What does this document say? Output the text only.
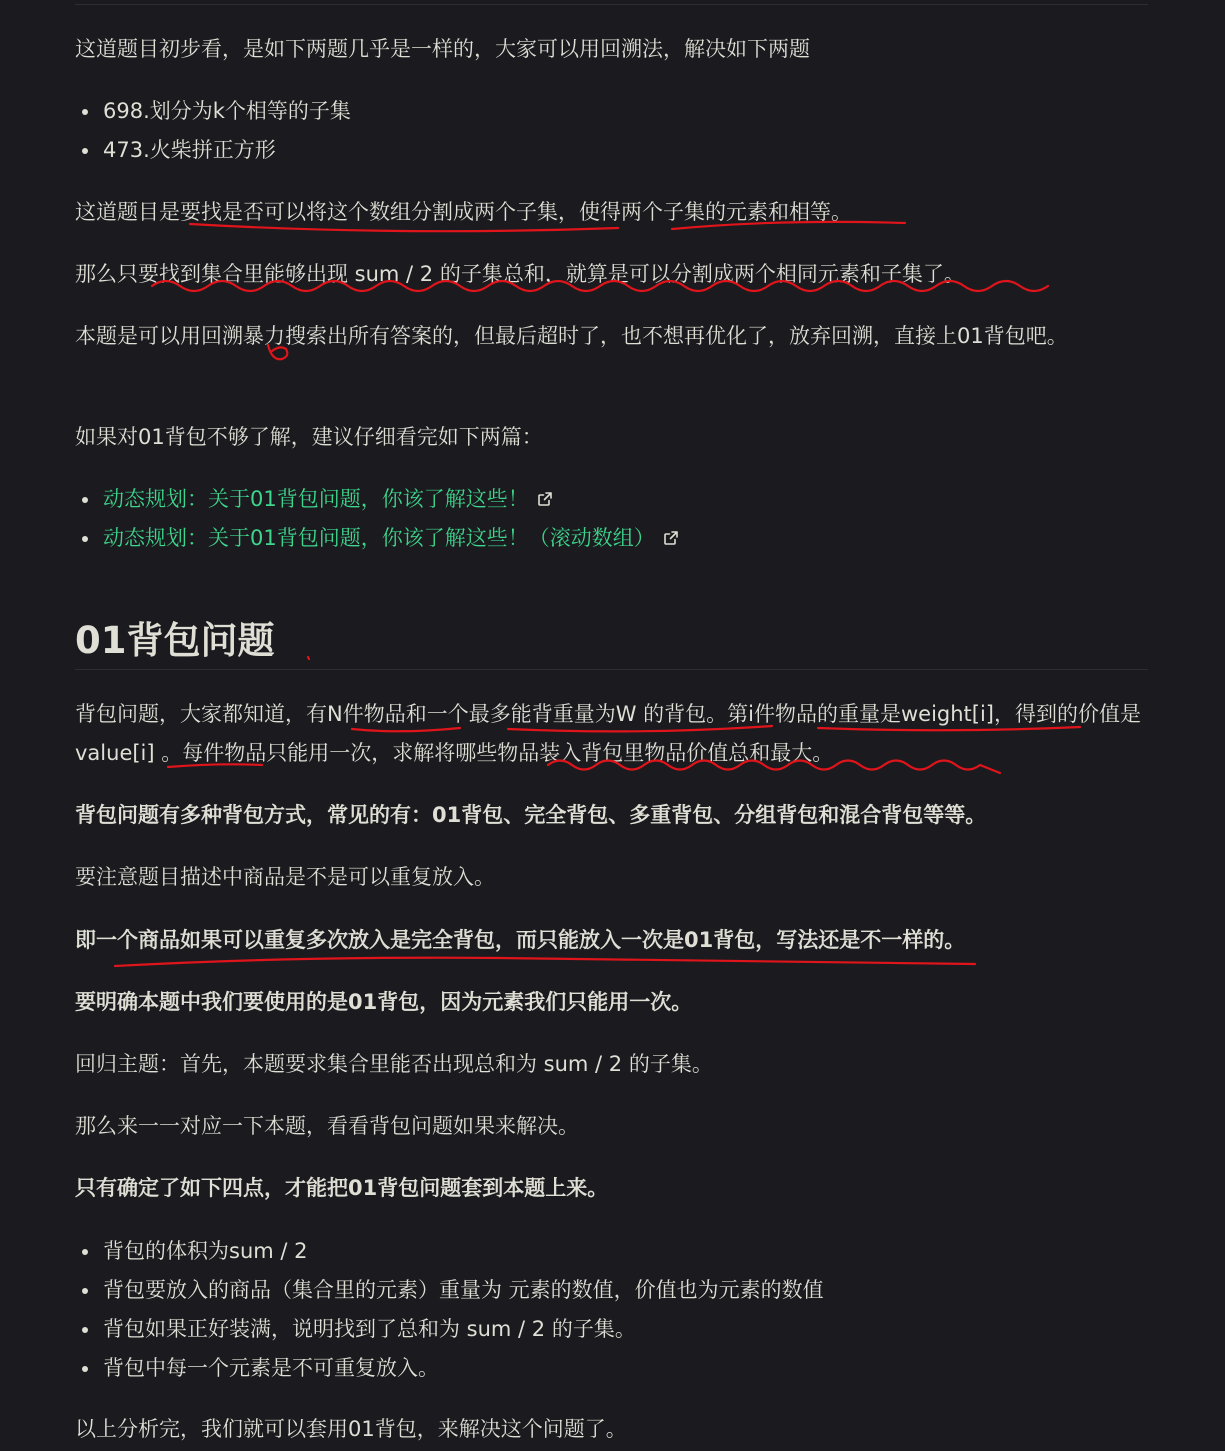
这道题目初步看，是如下两题几乎是一样的，大家可以用回溯法，解决如下两题

698.划分为k个相等的子集
473.火柴拼正方形

这道题目是要找是否可以将这个数组分割成两个子集，使得两个子集的元素和相等。

那么只要找到集合里能够出现 sum / 2 的子集总和，就算是可以分割成两个相同元素和子集了。

本题是可以用回溯暴力搜索出所有答案的，但最后超时了，也不想再优化了，放弃回溯，直接上01背包吧。

如果对01背包不够了解，建议仔细看完如下两篇：

动态规划：关于01背包问题，你该了解这些！
动态规划：关于01背包问题，你该了解这些！（滚动数组）
01背包问题

背包问题，大家都知道，有N件物品和一个最多能背重量为W 的背包。第i件物品的重量是weight[i]，得到的价值是value[i] 。每件物品只能用一次，求解将哪些物品装入背包里物品价值总和最大。

背包问题有多种背包方式，常见的有：01背包、完全背包、多重背包、分组背包和混合背包等等。

要注意题目描述中商品是不是可以重复放入。

即一个商品如果可以重复多次放入是完全背包，而只能放入一次是01背包，写法还是不一样的。

要明确本题中我们要使用的是01背包，因为元素我们只能用一次。

回归主题：首先，本题要求集合里能否出现总和为 sum / 2 的子集。

那么来一一对应一下本题，看看背包问题如果来解决。

只有确定了如下四点，才能把01背包问题套到本题上来。

背包的体积为sum / 2
背包要放入的商品（集合里的元素）重量为 元素的数值，价值也为元素的数值
背包如果正好装满，说明找到了总和为 sum / 2 的子集。
背包中每一个元素是不可重复放入。

以上分析完，我们就可以套用01背包，来解决这个问题了。
